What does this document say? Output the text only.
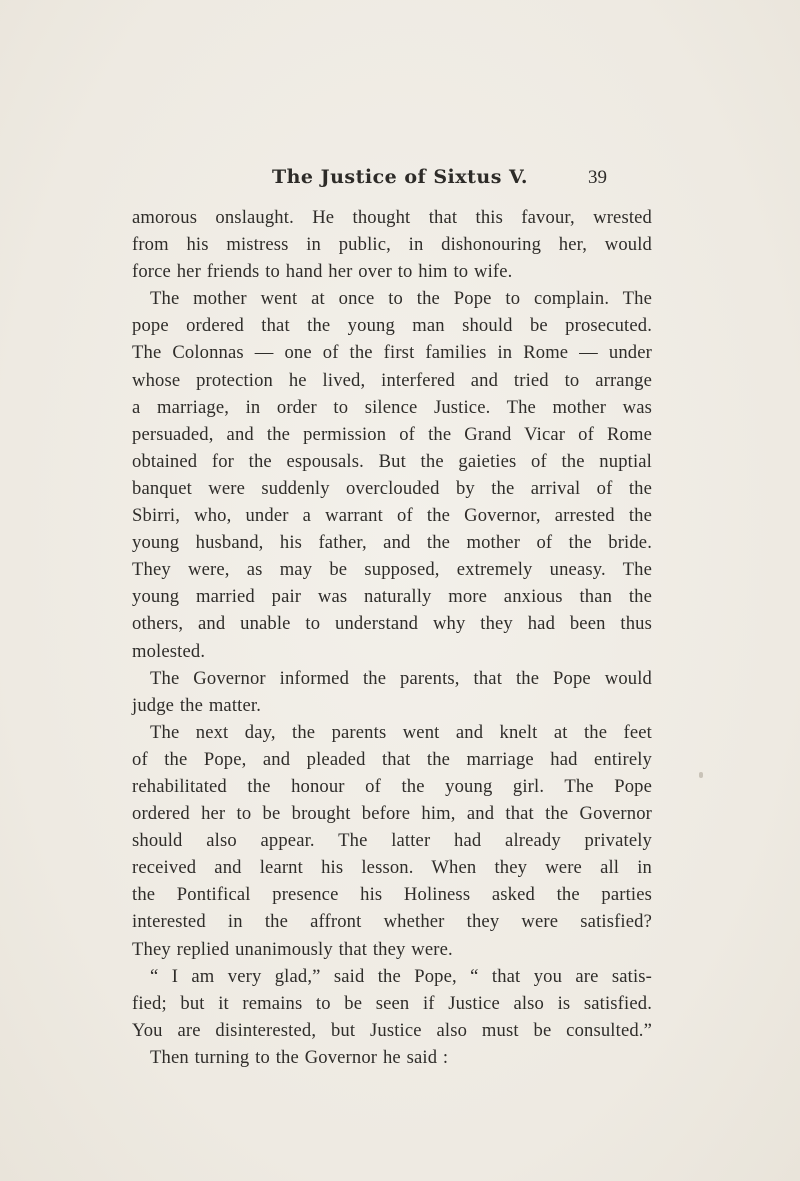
The Justice of Sixtus V.	39
amorous onslaught. He thought that this favour, wrested
from his mistress in public, in dishonouring her, would
force her friends to hand her over to him to wife.
The mother went at once to the Pope to complain. The
pope ordered that the young man should be prosecuted.
The Colonnas — one of the first families in Rome — under
whose protection he lived, interfered and tried to arrange
a marriage, in order to silence Justice. The mother was
persuaded, and the permission of the Grand Vicar of Rome
obtained for the espousals. But the gaieties of the nuptial
banquet were suddenly overclouded by the arrival of the
Sbirri, who, under a warrant of the Governor, arrested the
young husband, his father, and the mother of the bride.
They were, as may be supposed, extremely uneasy. The
young married pair was naturally more anxious than the
others, and unable to understand why they had been thus
molested.
The Governor informed the parents, that the Pope would
judge the matter.
The next day, the parents went and knelt at the feet
of the Pope, and pleaded that the marriage had entirely
rehabilitated the honour of the young girl. The Pope
ordered her to be brought before him, and that the Governor
should also appear. The latter had already privately
received and learnt his lesson. When they were all in
the Pontifical presence his Holiness asked the parties
interested in the affront whether they were satisfied?
They replied unanimously that they were.
“ I am very glad,” said the Pope, “ that you are satis-
fied; but it remains to be seen if Justice also is satisfied.
You are disinterested, but Justice also must be consulted.”
Then turning to the Governor he said :
